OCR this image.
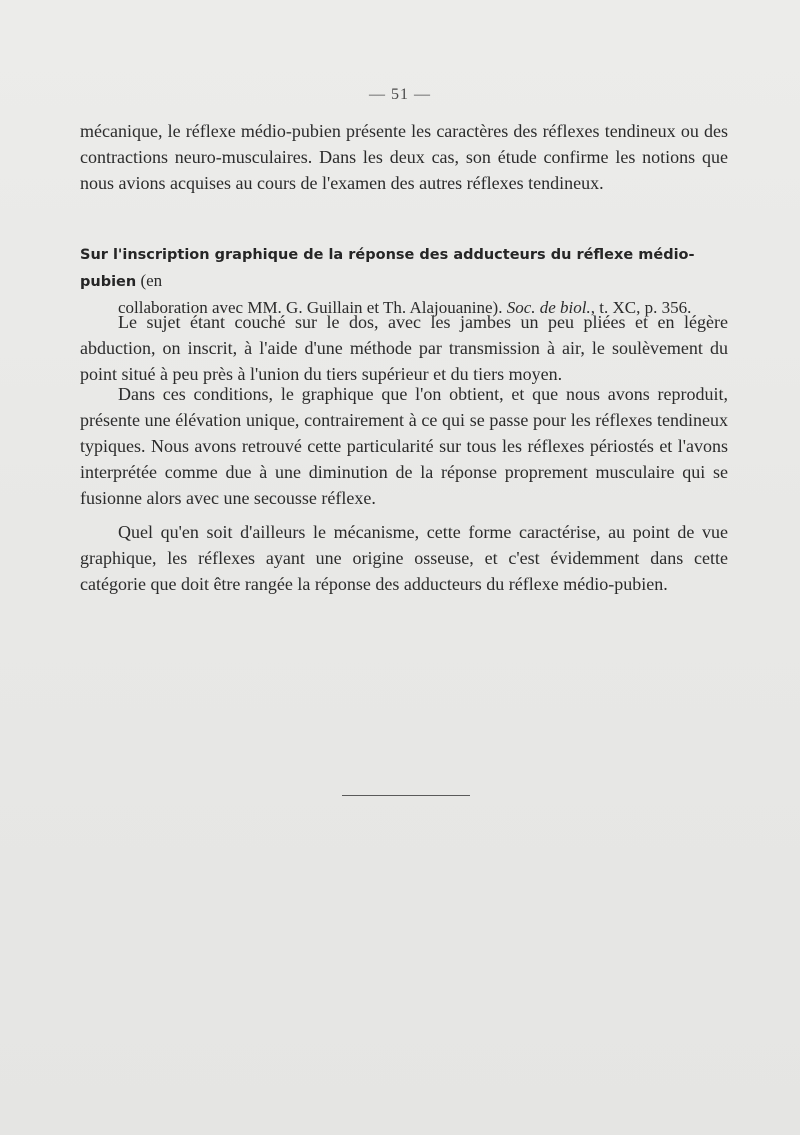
— 51 —
mécanique, le réflexe médio-pubien présente les caractères des réflexes tendineux ou des contractions neuro-musculaires. Dans les deux cas, son étude confirme les notions que nous avions acquises au cours de l'examen des autres réflexes tendineux.
Sur l'inscription graphique de la réponse des adducteurs du réflexe médio-pubien (en
collaboration avec MM. G. Guillain et Th. Alajouanine). Soc. de biol., t. XC, p. 356.
Le sujet étant couché sur le dos, avec les jambes un peu pliées et en légère abduction, on inscrit, à l'aide d'une méthode par transmission à air, le soulèvement du point situé à peu près à l'union du tiers supérieur et du tiers moyen.
Dans ces conditions, le graphique que l'on obtient, et que nous avons reproduit, présente une élévation unique, contrairement à ce qui se passe pour les réflexes tendineux typiques. Nous avons retrouvé cette particularité sur tous les réflexes périostés et l'avons interprétée comme due à une diminution de la réponse proprement musculaire qui se fusionne alors avec une secousse réflexe.
Quel qu'en soit d'ailleurs le mécanisme, cette forme caractérise, au point de vue graphique, les réflexes ayant une origine osseuse, et c'est évidemment dans cette catégorie que doit être rangée la réponse des adducteurs du réflexe médio-pubien.
